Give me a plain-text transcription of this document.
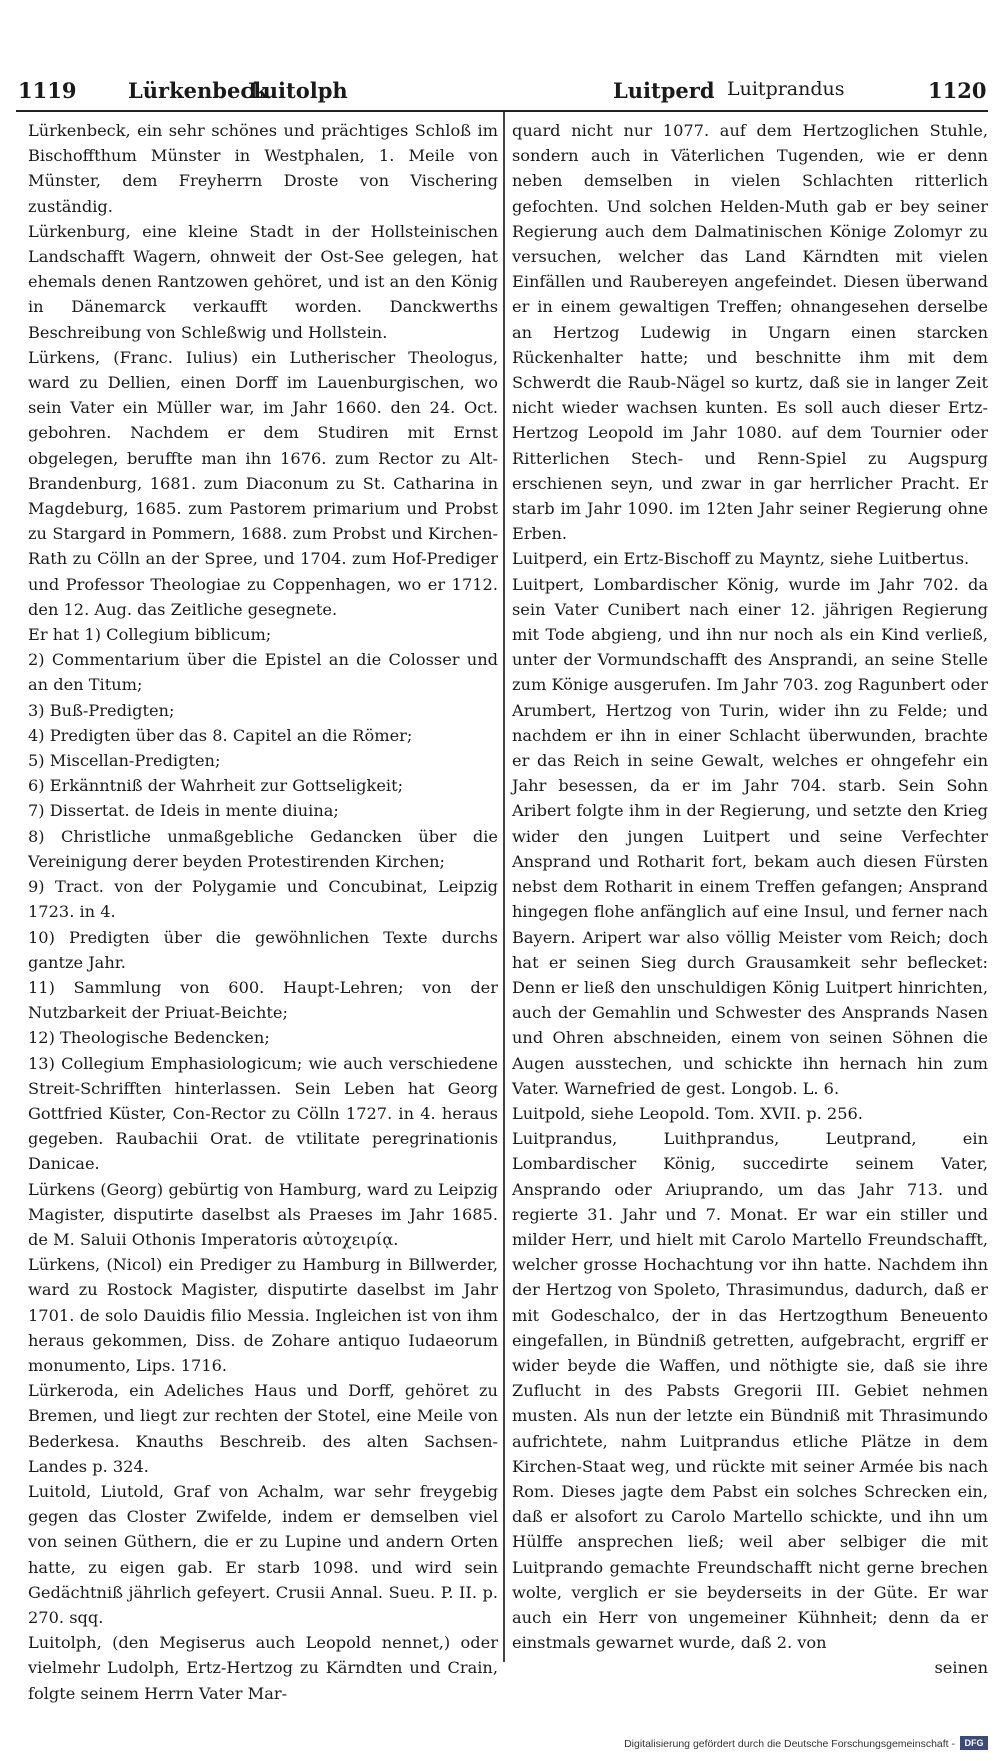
1119 Lürkenbeck
Luitolph	Luitperd Luitprandus	1120

Lürkenbeck, ein sehr schönes und prächtiges Schloß im Bischoffthum Münster in Westphalen, 1. Meile von Münster, dem Freyherrn Droste von Vischering zuständig.

Lürkenburg, eine kleine Stadt in der Hollsteinischen Landschafft Wagern, ohnweit der Ost-See gelegen, hat ehemals denen Rantzowen gehöret, und ist an den König in Dänemarck verkaufft worden. Danckwerths Beschreibung von Schleßwig und Hollstein.

Lürkens, (Franc. Iulius) ein Lutherischer Theologus, ward zu Dellien, einen Dorff im Lauenburgischen, wo sein Vater ein Müller war, im Jahr 1660. den 24. Oct. gebohren. Nachdem er dem Studiren mit Ernst obgelegen, beruffte man ihn 1676. zum Rector zu Alt-Brandenburg, 1681. zum Diaconum zu St. Catharina in Magdeburg, 1685. zum Pastorem primarium und Probst zu Stargard in Pommern, 1688. zum Probst und Kirchen-Rath zu Cölln an der Spree, und 1704. zum Hof-Prediger und Professor Theologiae zu Coppenhagen, wo er 1712. den 12. Aug. das Zeitliche gesegnete.

Er hat 1) Collegium biblicum;

2) Commentarium über die Epistel an die Colosser und an den Titum;

3) Buß-Predigten;

4) Predigten über das 8. Capitel an die Römer;

5) Miscellan-Predigten;

6) Erkänntniß der Wahrheit zur Gottseligkeit;

7) Dissertat. de Ideis in mente diuina;

8) Christliche unmaßgebliche Gedancken über die Vereinigung derer beyden Protestirenden Kirchen;

9) Tract. von der Polygamie und Concubinat, Leipzig 1723. in 4.

10) Predigten über die gewöhnlichen Texte durchs gantze Jahr.

11) Sammlung von 600. Haupt-Lehren; von der Nutzbarkeit der Priuat-Beichte;

12) Theologische Bedencken;

13) Collegium Emphasiologicum; wie auch verschiedene Streit-Schrifften hinterlassen. Sein Leben hat Georg Gottfried Küster, Con-Rector zu Cölln 1727. in 4. heraus gegeben. Raubachii Orat. de vtilitate peregrinationis Danicae.

Lürkens (Georg) gebürtig von Hamburg, ward zu Leipzig Magister, disputirte daselbst als Praeses im Jahr 1685. de M. Saluii Othonis Imperatoris αὐτοχειρίᾳ.

Lürkens, (Nicol) ein Prediger zu Hamburg in Billwerder, ward zu Rostock Magister, disputirte daselbst im Jahr 1701. de solo Dauidis filio Messia. Ingleichen ist von ihm heraus gekommen, Diss. de Zohare antiquo Iudaeorum monumento, Lips. 1716.

Lürkeroda, ein Adeliches Haus und Dorff, gehöret zu Bremen, und liegt zur rechten der Stotel, eine Meile von Bederkesa. Knauths Beschreib. des alten Sachsen-Landes p. 324.

Luitold, Liutold, Graf von Achalm, war sehr freygebig gegen das Closter Zwifelde, indem er demselben viel von seinen Güthern, die er zu Lupine und andern Orten hatte, zu eigen gab. Er starb 1098. und wird sein Gedächtniß jährlich gefeyert. Crusii Annal. Sueu. P. II. p. 270. sqq.

Luitolph, (den Megiserus auch Leopold nennet,) oder vielmehr Ludolph, Ertz-Hertzog zu Kärndten und Crain, folgte seinem Herrn Vater Mar-

quard nicht nur 1077. auf dem Hertzoglichen Stuhle, sondern auch in Väterlichen Tugenden, wie er denn neben demselben in vielen Schlachten ritterlich gefochten. Und solchen Helden-Muth gab er bey seiner Regierung auch dem Dalmatinischen Könige Zolomyr zu versuchen, welcher das Land Kärndten mit vielen Einfällen und Raubereyen angefeindet. Diesen überwand er in einem gewaltigen Treffen; ohnangesehen derselbe an Hertzog Ludewig in Ungarn einen starcken Rückenhalter hatte; und beschnitte ihm mit dem Schwerdt die Raub-Nägel so kurtz, daß sie in langer Zeit nicht wieder wachsen kunten. Es soll auch dieser Ertz-Hertzog Leopold im Jahr 1080. auf dem Tournier oder Ritterlichen Stech- und Renn-Spiel zu Augspurg erschienen seyn, und zwar in gar herrlicher Pracht. Er starb im Jahr 1090. im 12ten Jahr seiner Regierung ohne Erben.

Luitperd, ein Ertz-Bischoff zu Mayntz, siehe Luitbertus.

Luitpert, Lombardischer König, wurde im Jahr 702. da sein Vater Cunibert nach einer 12. jährigen Regierung mit Tode abgieng, und ihn nur noch als ein Kind verließ, unter der Vormundschafft des Ansprandi, an seine Stelle zum Könige ausgerufen. Im Jahr 703. zog Ragunbert oder Arumbert, Hertzog von Turin, wider ihn zu Felde; und nachdem er ihn in einer Schlacht überwunden, brachte er das Reich in seine Gewalt, welches er ohngefehr ein Jahr besessen, da er im Jahr 704. starb. Sein Sohn Aribert folgte ihm in der Regierung, und setzte den Krieg wider den jungen Luitpert und seine Verfechter Ansprand und Rotharit fort, bekam auch diesen Fürsten nebst dem Rotharit in einem Treffen gefangen; Ansprand hingegen flohe anfänglich auf eine Insul, und ferner nach Bayern. Aripert war also völlig Meister vom Reich; doch hat er seinen Sieg durch Grausamkeit sehr beflecket: Denn er ließ den unschuldigen König Luitpert hinrichten, auch der Gemahlin und Schwester des Ansprands Nasen und Ohren abschneiden, einem von seinen Söhnen die Augen ausstechen, und schickte ihn hernach hin zum Vater. Warnefried de gest. Longob. L. 6.

Luitpold, siehe Leopold. Tom. XVII. p. 256.

Luitprandus, Luithprandus, Leutprand, ein Lombardischer König, succedirte seinem Vater, Ansprando oder Ariuprando, um das Jahr 713. und regierte 31. Jahr und 7. Monat. Er war ein stiller und milder Herr, und hielt mit Carolo Martello Freundschafft, welcher grosse Hochachtung vor ihn hatte. Nachdem ihn der Hertzog von Spoleto, Thrasimundus, dadurch, daß er mit Godeschalco, der in das Hertzogthum Beneuento eingefallen, in Bündniß getretten, aufgebracht, ergriff er wider beyde die Waffen, und nöthigte sie, daß sie ihre Zuflucht in des Pabsts Gregorii III. Gebiet nehmen musten. Als nun der letzte ein Bündniß mit Thrasimundo aufrichtete, nahm Luitprandus etliche Plätze in dem Kirchen-Staat weg, und rückte mit seiner Armée bis nach Rom. Dieses jagte dem Pabst ein solches Schrecken ein, daß er alsofort zu Carolo Martello schickte, und ihn um Hülffe ansprechen ließ; weil aber selbiger die mit Luitprando gemachte Freundschafft nicht gerne brechen wolte, verglich er sie beyderseits in der Güte. Er war auch ein Herr von ungemeiner Kühnheit; denn da er einstmals gewarnet wurde, daß 2. von

seinen

Digitalisierung gefördert durch die Deutsche Forschungsgemeinschaft -	DFG
